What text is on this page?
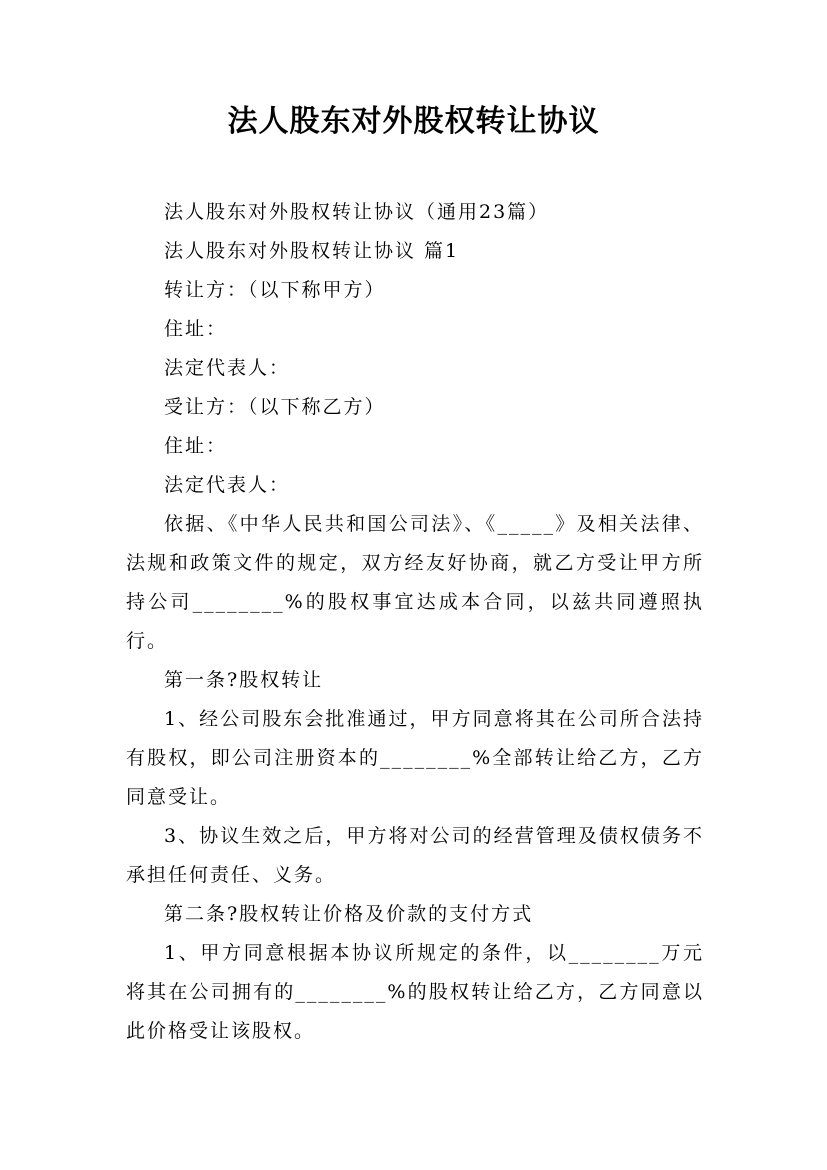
法人股东对外股权转让协议

法人股东对外股权转让协议（通用23篇）

法人股东对外股权转让协议 篇1

转让方：（以下称甲方）

住址：

法定代表人：

受让方：（以下称乙方）

住址：

法定代表人：

依据、《中华人民共和国公司法》、《_____》及相关法律、法规和政策文件的规定，双方经友好协商，就乙方受让甲方所持公司________%的股权事宜达成本合同，以兹共同遵照执行。

第一条?股权转让

1、经公司股东会批准通过，甲方同意将其在公司所合法持有股权，即公司注册资本的________%全部转让给乙方，乙方同意受让。

3、协议生效之后，甲方将对公司的经营管理及债权债务不承担任何责任、义务。

第二条?股权转让价格及价款的支付方式

1、甲方同意根据本协议所规定的条件，以________万元将其在公司拥有的________%的股权转让给乙方，乙方同意以此价格受让该股权。
